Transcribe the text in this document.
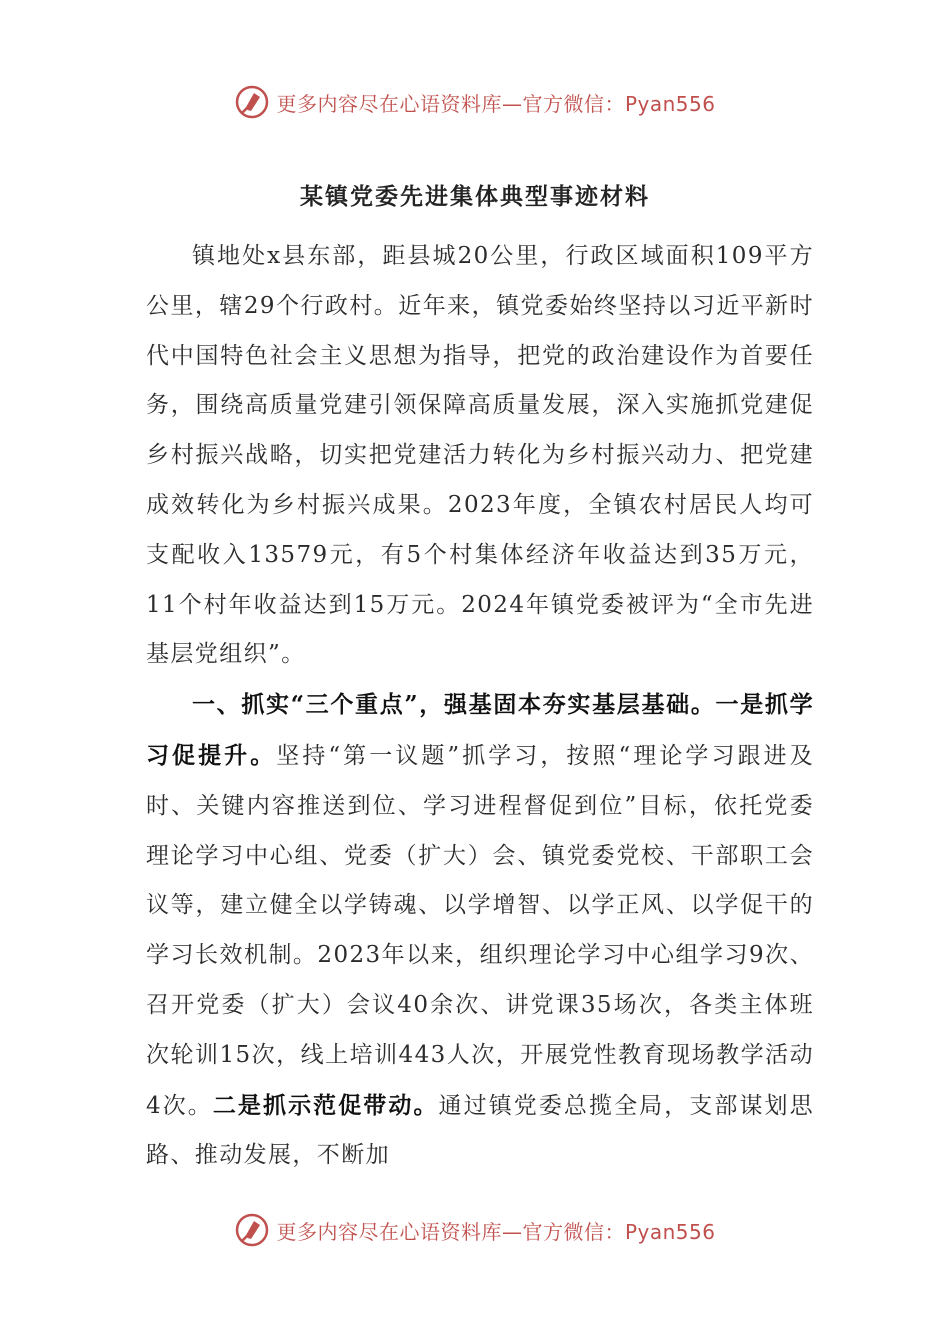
更多内容尽在心语资料库—官方微信：Pyan556
某镇党委先进集体典型事迹材料

镇地处x县东部，距县城20公里，行政区域面积109平方公里，辖29个行政村。近年来，镇党委始终坚持以习近平新时代中国特色社会主义思想为指导，把党的政治建设作为首要任务，围绕高质量党建引领保障高质量发展，深入实施抓党建促乡村振兴战略，切实把党建活力转化为乡村振兴动力、把党建成效转化为乡村振兴成果。2023年度，全镇农村居民人均可支配收入13579元，有5个村集体经济年收益达到35万元，11个村年收益达到15万元。2024年镇党委被评为“全市先进基层党组织”。

一、抓实“三个重点”，强基固本夯实基层基础。一是抓学习促提升。坚持“第一议题”抓学习，按照“理论学习跟进及时、关键内容推送到位、学习进程督促到位”目标，依托党委理论学习中心组、党委（扩大）会、镇党委党校、干部职工会议等，建立健全以学铸魂、以学增智、以学正风、以学促干的学习长效机制。2023年以来，组织理论学习中心组学习9次、召开党委（扩大）会议40余次、讲党课35场次，各类主体班次轮训15次，线上培训443人次，开展党性教育现场教学活动4次。二是抓示范促带动。通过镇党委总揽全局，支部谋划思路、推动发展，不断加

更多内容尽在心语资料库—官方微信：Pyan556
